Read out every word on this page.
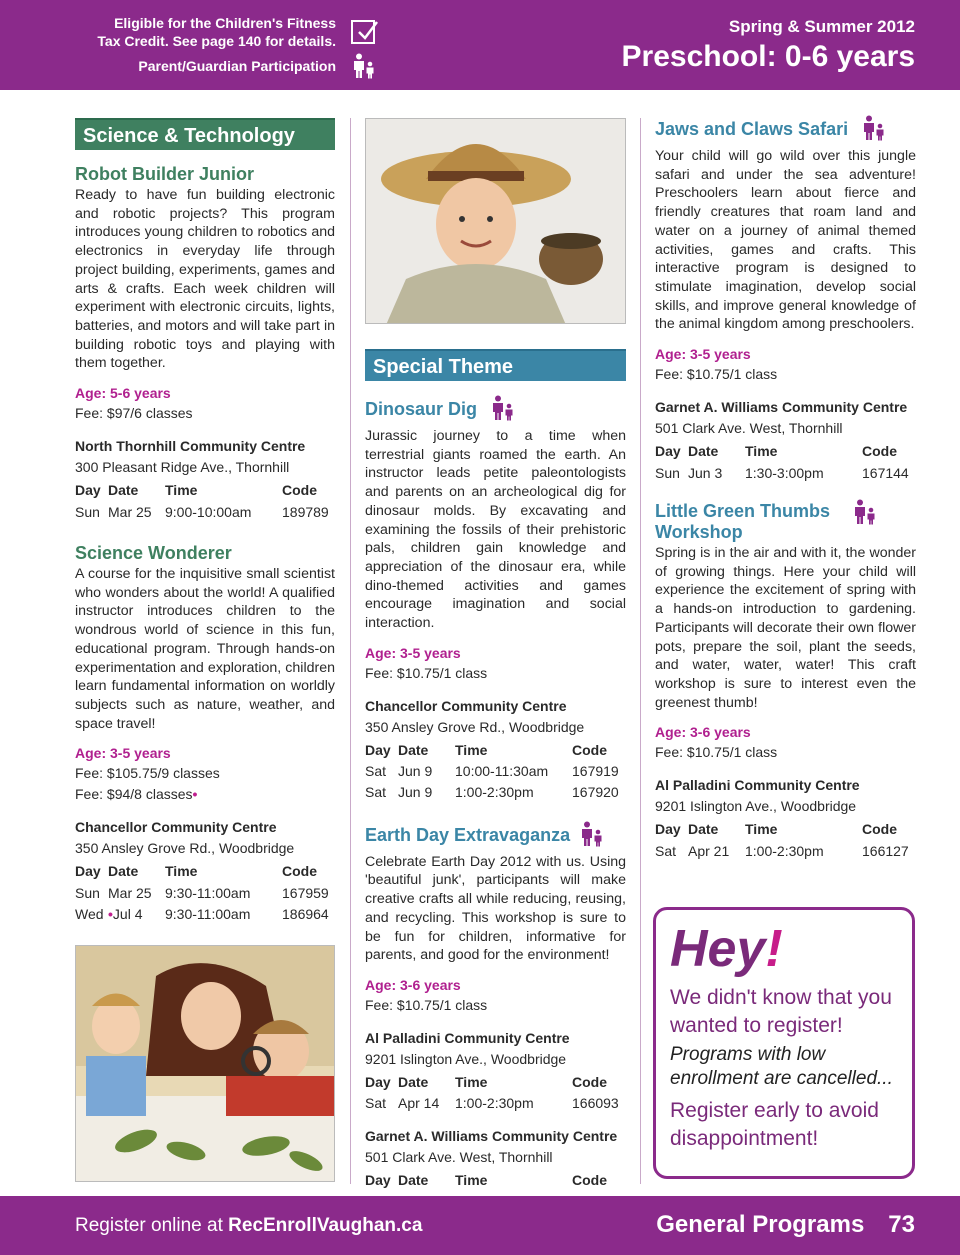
Eligible for the Children's Fitness
Tax Credit. See page 140 for details.
Parent/Guardian Participation
Spring & Summer 2012
Preschool: 0-6 years
Science & Technology
Robot Builder Junior
Ready to have fun building electronic and robotic projects? This program introduces young children to robotics and electronics in everyday life through project building, experiments, games and arts & crafts. Each week children will experiment with electronic circuits, lights, batteries, and motors and will take part in building robotic toys and playing with them together.
Age: 5-6 years
Fee: $97/6 classes
North Thornhill Community Centre
300 Pleasant Ridge Ave., Thornhill
Day	Date	Time	Code
Sun	Mar 25	9:00-10:00am	189789
Science Wonderer
A course for the inquisitive small scientist who wonders about the world! A qualified instructor introduces children to the wondrous world of science in this fun, educational program. Through hands-on experimentation and exploration, children learn fundamental information on worldly subjects such as nature, weather, and space travel!
Age: 3-5 years
Fee: $105.75/9 classes
Fee: $94/8 classes•
Chancellor Community Centre
350 Ansley Grove Rd., Woodbridge
Day	Date	Time	Code
Sun	Mar 25	9:30-11:00am	167959
Wed	•Jul 4	9:30-11:00am	186964
Special Theme
Dinosaur Dig
Jurassic journey to a time when terrestrial giants roamed the earth. An instructor leads petite paleontologists and parents on an archeological dig for dinosaur molds. By excavating and examining the fossils of their prehistoric pals, children gain knowledge and appreciation of the dinosaur era, while dino-themed activities and games encourage imagination and social interaction.
Age: 3-5 years
Fee: $10.75/1 class
Chancellor Community Centre
350 Ansley Grove Rd., Woodbridge
Day	Date	Time	Code
Sat	Jun 9	10:00-11:30am	167919
Sat	Jun 9	1:00-2:30pm	167920
Earth Day Extravaganza
Celebrate Earth Day 2012 with us. Using 'beautiful junk', participants will make creative crafts all while reducing, reusing, and recycling. This workshop is sure to be fun for children, informative for parents, and good for the environment!
Age: 3-6 years
Fee: $10.75/1 class
Al Palladini Community Centre
9201 Islington Ave., Woodbridge
Day	Date	Time	Code
Sat	Apr 14	1:00-2:30pm	166093
Garnet A. Williams Community Centre
501 Clark Ave. West, Thornhill
Day	Date	Time	Code

Jaws and Claws Safari
Your child will go wild over this jungle safari and under the sea adventure! Preschoolers learn about fierce and friendly creatures that roam land and water on a journey of animal themed activities, games and crafts. This interactive program is designed to stimulate imagination, develop social skills, and improve general knowledge of the animal kingdom among preschoolers.
Age: 3-5 years
Fee: $10.75/1 class
Garnet A. Williams Community Centre
501 Clark Ave. West, Thornhill
Day	Date	Time	Code
Sun	Jun 3	1:30-3:00pm	167144
Little Green Thumbs
Workshop
Spring is in the air and with it, the wonder of growing things. Here your child will experience the excitement of spring with a hands-on introduction to gardening. Participants will decorate their own flower pots, prepare the soil, plant the seeds, and water, water, water! This craft workshop is sure to interest even the greenest thumb!
Age: 3-6 years
Fee: $10.75/1 class
Al Palladini Community Centre
9201 Islington Ave., Woodbridge
Day	Date	Time	Code
Sat	Apr 21	1:00-2:30pm	166127
Hey!
We didn't know that you wanted to register!
Programs with low enrollment are cancelled...
Register early to avoid disappointment!
Register online at RecEnrollVaughan.ca	General Programs 73
